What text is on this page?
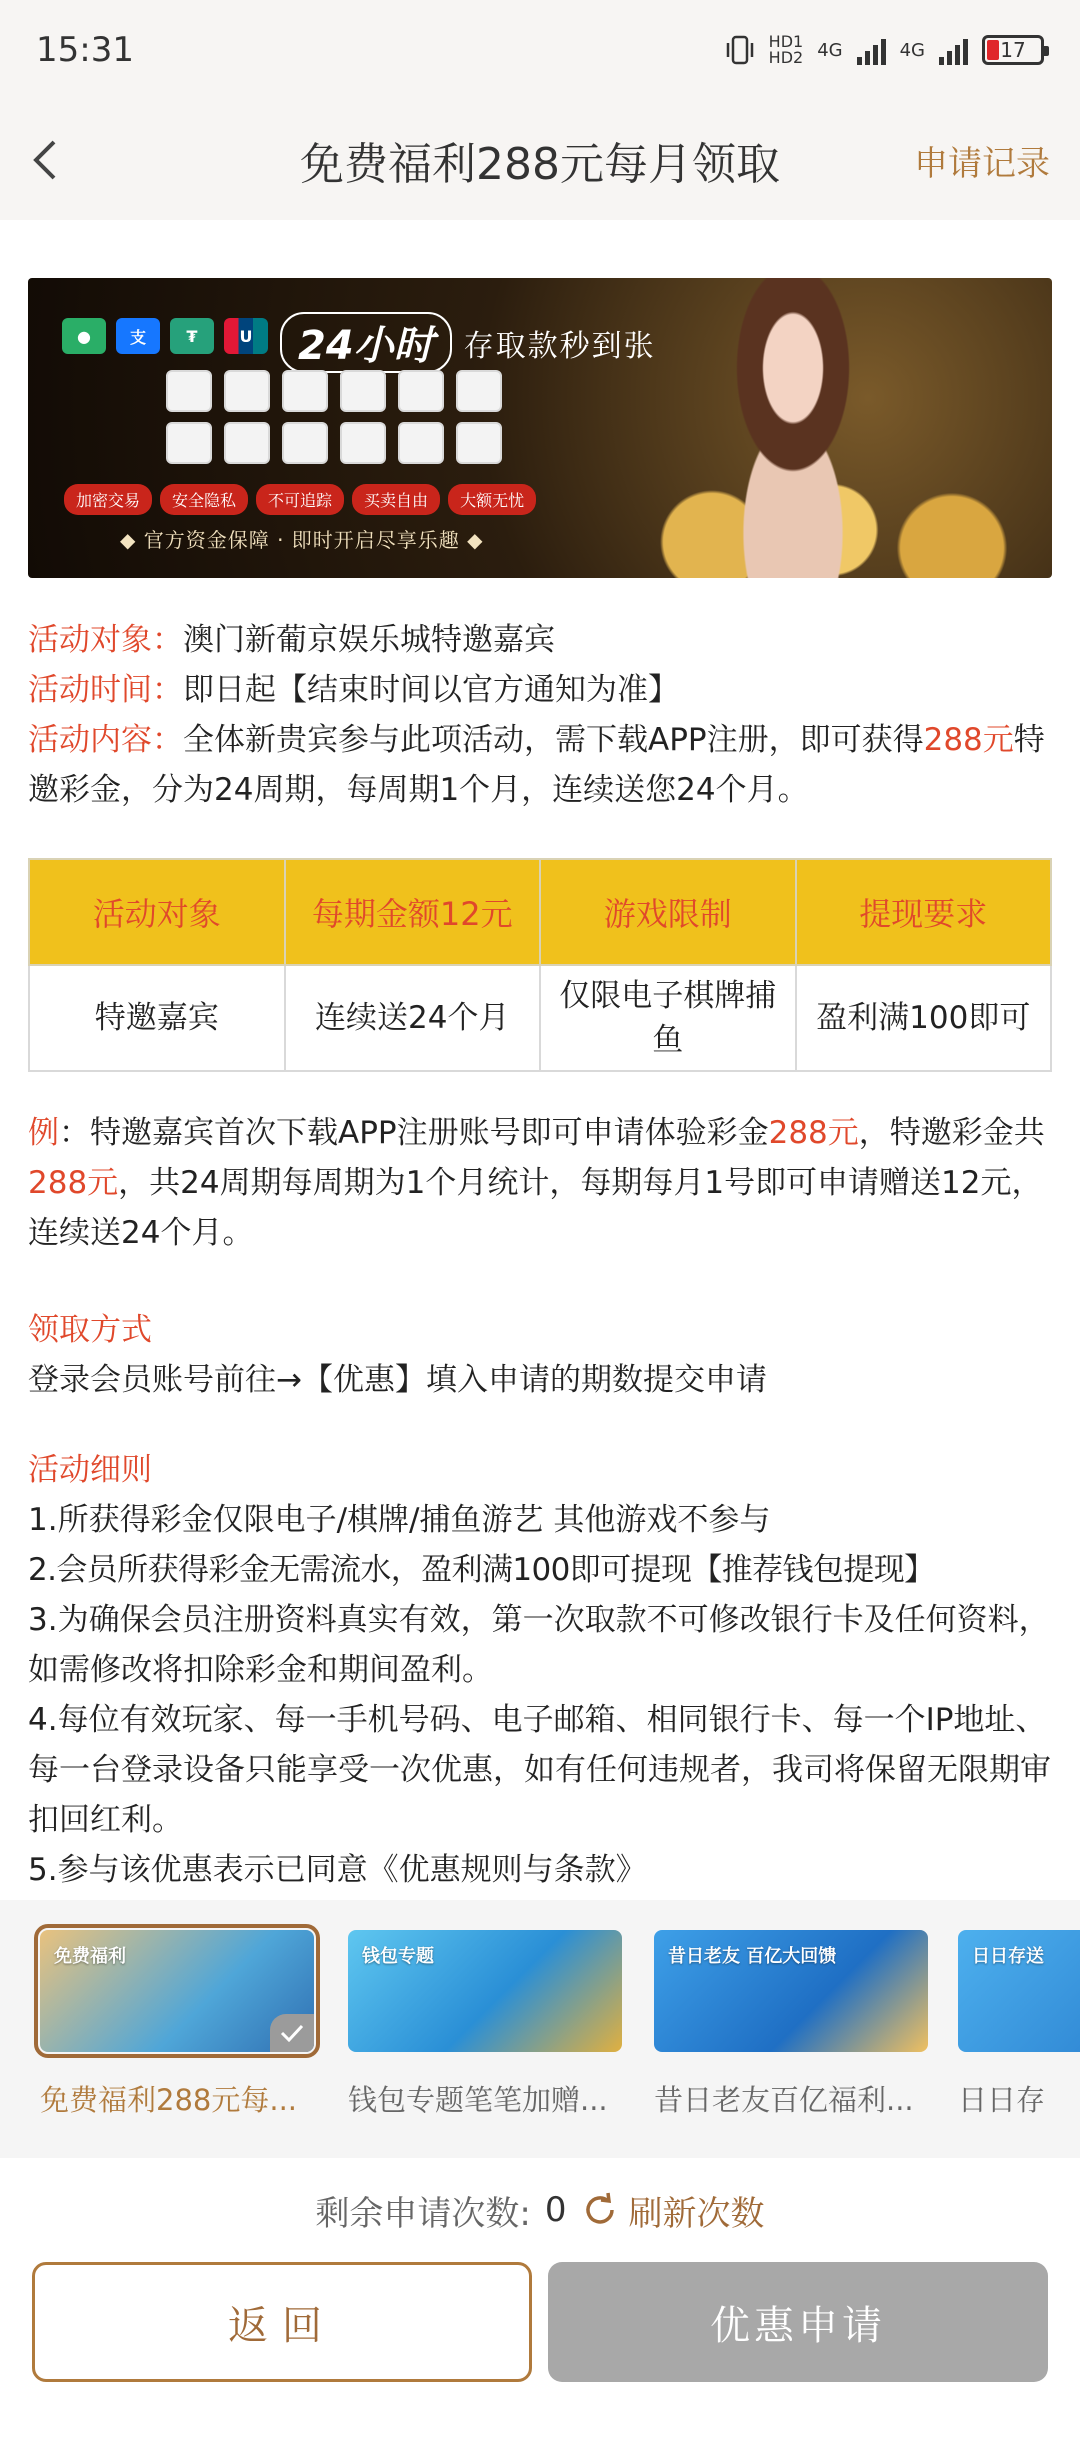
15:31	HD1
HD2 4G	4G	17
免费福利288元每月领取	申请记录
●	支	₮	U	24小时	存取款秒到张
加密交易	安全隐私	不可追踪	买卖自由	大额无忧
◆ 官方资金保障 · 即时开启尽享乐趣 ◆
活动对象：澳门新葡京娱乐城特邀嘉宾
活动时间：即日起【结束时间以官方通知为准】
活动内容：全体新贵宾参与此项活动，需下载APP注册，即可获得288元特邀彩金，分为24周期，每周期1个月，连续送您24个月。
活动对象	每期金额12元	游戏限制	提现要求
特邀嘉宾	连续送24个月	仅限电子棋牌捕鱼	盈利满100即可
例：特邀嘉宾首次下载APP注册账号即可申请体验彩金288元，特邀彩金共288元，共24周期每周期为1个月统计，每期每月1号即可申请赠送12元，连续送24个月。
领取方式
登录会员账号前往→【优惠】填入申请的期数提交申请
活动细则
1.所获得彩金仅限电子/棋牌/捕鱼游艺 其他游戏不参与
2.会员所获得彩金无需流水，盈利满100即可提现【推荐钱包提现】
3.为确保会员注册资料真实有效，第一次取款不可修改银行卡及任何资料，如需修改将扣除彩金和期间盈利。
4.每位有效玩家、每一手机号码、电子邮箱、相同银行卡、每一个IP地址、每一台登录设备只能享受一次优惠，如有任何违规者，我司将保留无限期审扣回红利。
5.参与该优惠表示已同意《优惠规则与条款》
免费福利
免费福利288元每...
钱包专题
钱包专题笔笔加赠...
昔日老友 百亿大回馈
昔日老友百亿福利...
日日存送
日日存
剩余申请次数: 0 刷新次数
返回	优惠申请
